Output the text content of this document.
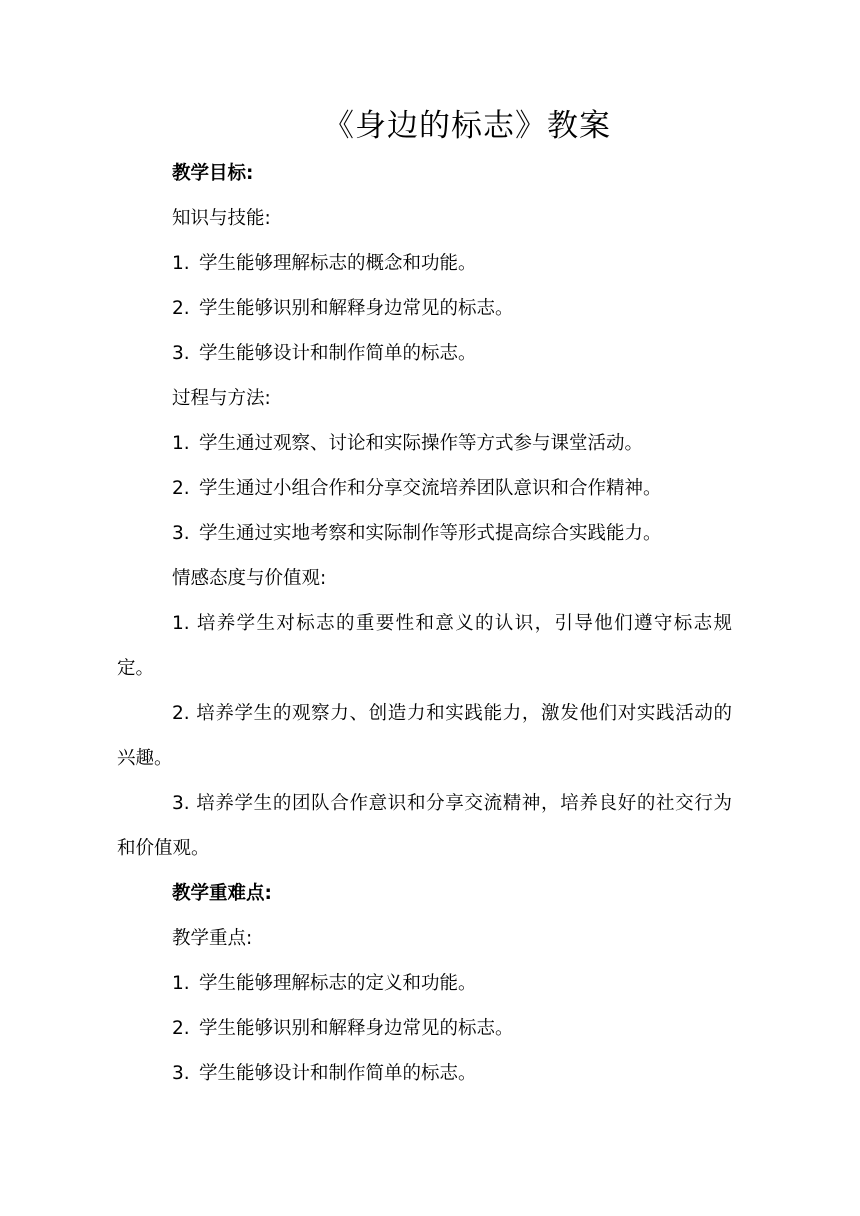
《身边的标志》教案
教学目标:
知识与技能:
1. 学生能够理解标志的概念和功能。
2. 学生能够识别和解释身边常见的标志。
3. 学生能够设计和制作简单的标志。
过程与方法:
1. 学生通过观察、讨论和实际操作等方式参与课堂活动。
2. 学生通过小组合作和分享交流培养团队意识和合作精神。
3. 学生通过实地考察和实际制作等形式提高综合实践能力。
情感态度与价值观:
1. 培养学生对标志的重要性和意义的认识，引导他们遵守标志规定。
2. 培养学生的观察力、创造力和实践能力，激发他们对实践活动的兴趣。
3. 培养学生的团队合作意识和分享交流精神，培养良好的社交行为和价值观。
教学重难点:
教学重点:
1. 学生能够理解标志的定义和功能。
2. 学生能够识别和解释身边常见的标志。
3. 学生能够设计和制作简单的标志。
